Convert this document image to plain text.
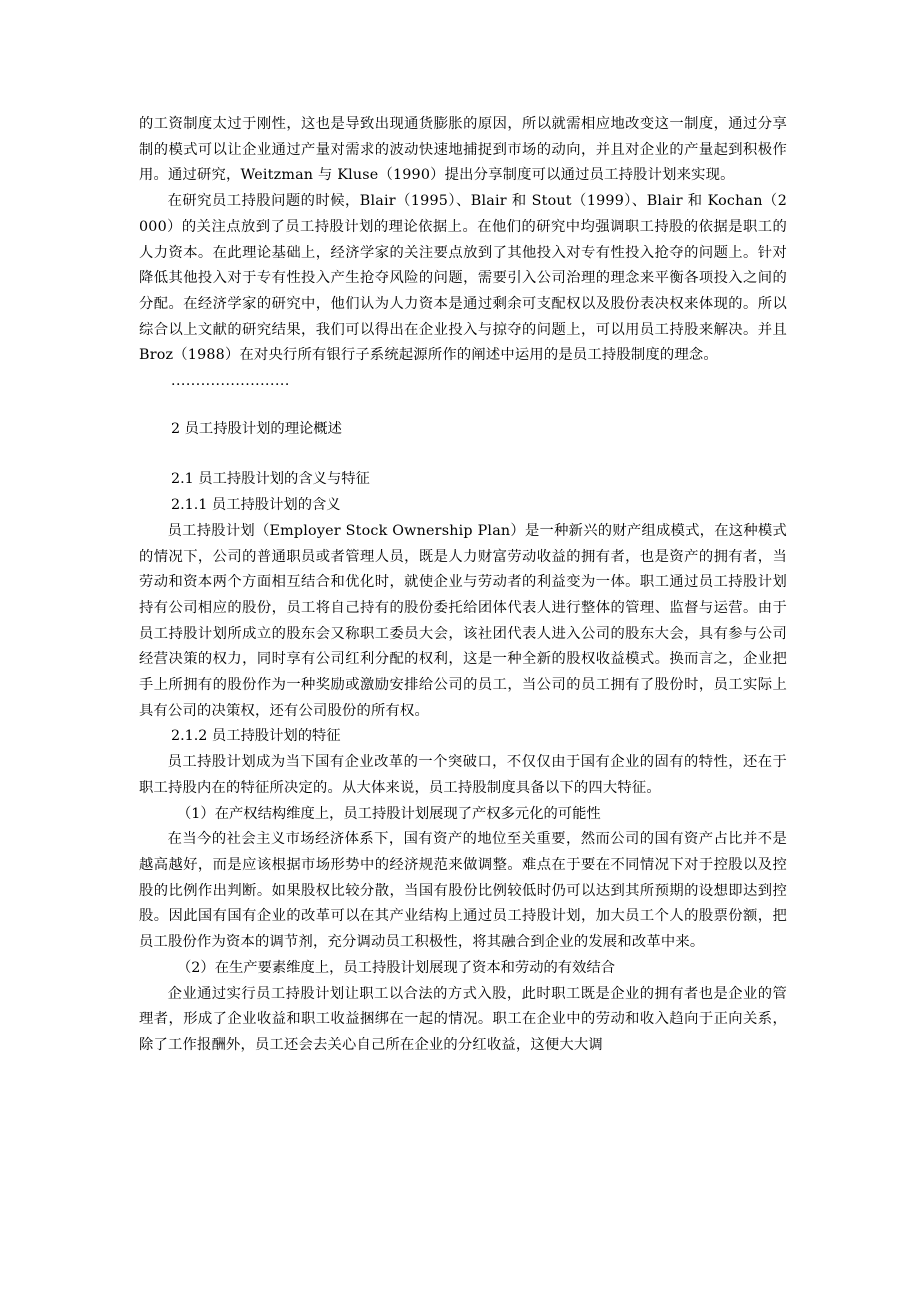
的工资制度太过于刚性，这也是导致出现通货膨胀的原因，所以就需相应地改变这一制度，通过分享制的模式可以让企业通过产量对需求的波动快速地捕捉到市场的动向，并且对企业的产量起到积极作用。通过研究，Weitzman 与 Kluse（1990）提出分享制度可以通过员工持股计划来实现。

在研究员工持股问题的时候，Blair（1995）、Blair 和 Stout（1999）、Blair 和 Kochan（2000）的关注点放到了员工持股计划的理论依据上。在他们的研究中均强调职工持股的依据是职工的人力资本。在此理论基础上，经济学家的关注要点放到了其他投入对专有性投入抢夺的问题上。针对降低其他投入对于专有性投入产生抢夺风险的问题，需要引入公司治理的理念来平衡各项投入之间的分配。在经济学家的研究中，他们认为人力资本是通过剩余可支配权以及股份表决权来体现的。所以综合以上文献的研究结果，我们可以得出在企业投入与掠夺的问题上，可以用员工持股来解决。并且 Broz（1988）在对央行所有银行子系统起源所作的阐述中运用的是员工持股制度的理念。

........................

2 员工持股计划的理论概述

2.1 员工持股计划的含义与特征

2.1.1 员工持股计划的含义

员工持股计划（Employer Stock Ownership Plan）是一种新兴的财产组成模式，在这种模式的情况下，公司的普通职员或者管理人员，既是人力财富劳动收益的拥有者，也是资产的拥有者，当劳动和资本两个方面相互结合和优化时，就使企业与劳动者的利益变为一体。职工通过员工持股计划持有公司相应的股份，员工将自己持有的股份委托给团体代表人进行整体的管理、监督与运营。由于员工持股计划所成立的股东会又称职工委员大会，该社团代表人进入公司的股东大会，具有参与公司经营决策的权力，同时享有公司红利分配的权利，这是一种全新的股权收益模式。换而言之，企业把手上所拥有的股份作为一种奖励或激励安排给公司的员工，当公司的员工拥有了股份时，员工实际上具有公司的决策权，还有公司股份的所有权。

2.1.2 员工持股计划的特征

员工持股计划成为当下国有企业改革的一个突破口，不仅仅由于国有企业的固有的特性，还在于职工持股内在的特征所决定的。从大体来说，员工持股制度具备以下的四大特征。

（1）在产权结构维度上，员工持股计划展现了产权多元化的可能性

在当今的社会主义市场经济体系下，国有资产的地位至关重要，然而公司的国有资产占比并不是越高越好，而是应该根据市场形势中的经济规范来做调整。难点在于要在不同情况下对于控股以及控股的比例作出判断。如果股权比较分散，当国有股份比例较低时仍可以达到其所预期的设想即达到控股。因此国有国有企业的改革可以在其产业结构上通过员工持股计划，加大员工个人的股票份额，把员工股份作为资本的调节剂，充分调动员工积极性，将其融合到企业的发展和改革中来。

（2）在生产要素维度上，员工持股计划展现了资本和劳动的有效结合

企业通过实行员工持股计划让职工以合法的方式入股，此时职工既是企业的拥有者也是企业的管理者，形成了企业收益和职工收益捆绑在一起的情况。职工在企业中的劳动和收入趋向于正向关系，除了工作报酬外，员工还会去关心自己所在企业的分红收益，这便大大调
